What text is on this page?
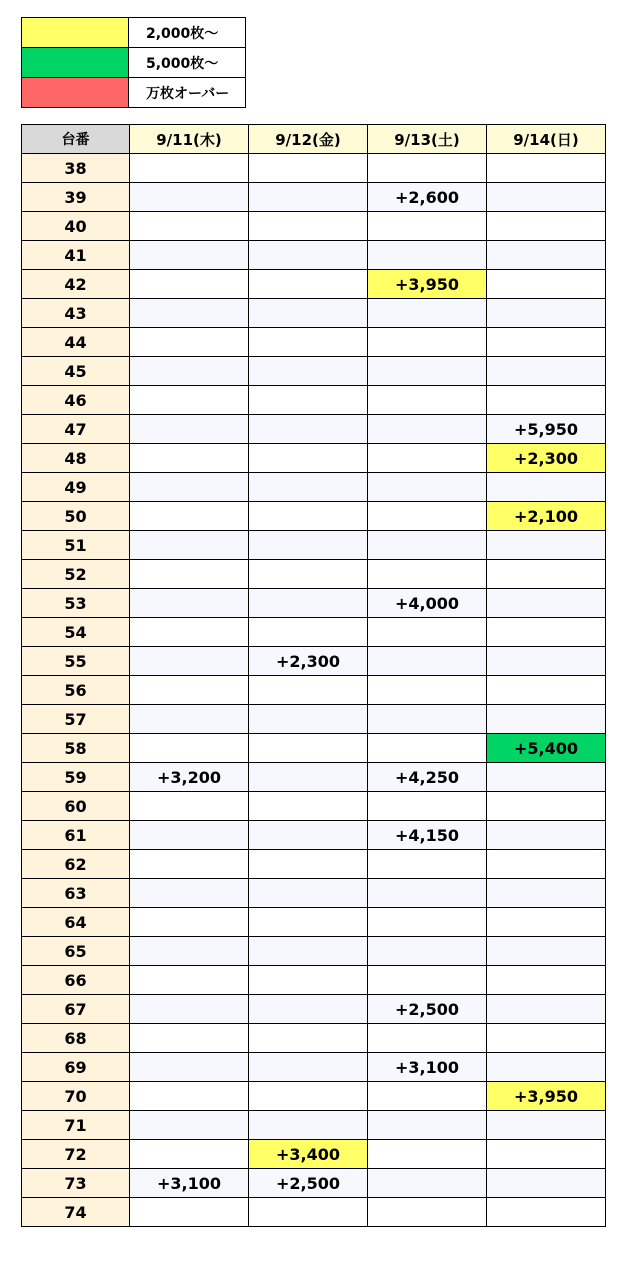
	2,000枚〜
	5,000枚〜
	万枚オーバー
台番	9/11(木)	9/12(金)	9/13(土)	9/14(日)
38				
39			+2,600	
40				
41				
42			+3,950	
43				
44				
45				
46				
47				+5,950
48				+2,300
49				
50				+2,100
51				
52				
53			+4,000	
54				
55		+2,300		
56				
57				
58				+5,400
59	+3,200		+4,250	
60				
61			+4,150	
62				
63				
64				
65				
66				
67			+2,500	
68				
69			+3,100	
70				+3,950
71				
72		+3,400		
73	+3,100	+2,500		
74				
